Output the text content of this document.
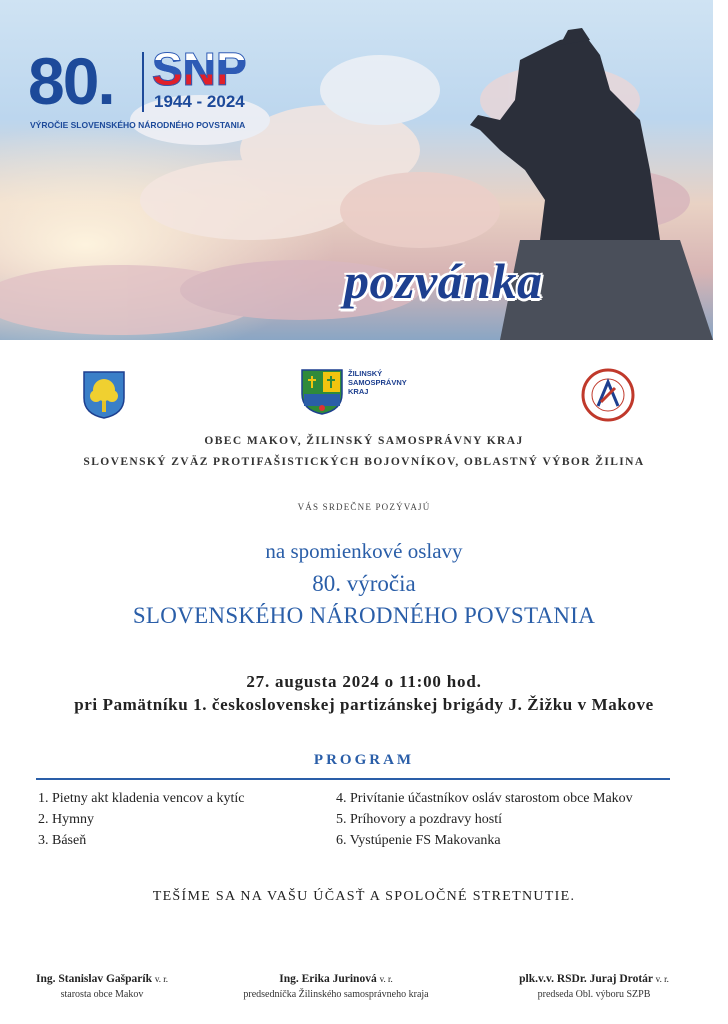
80. SNP
1944 - 2024
VÝROČIE SLOVENSKÉHO NÁRODNÉHO POVSTANIA
pozvánka
ŽILINSKÝ
SAMOSPRÁVNY
KRAJ
OBEC MAKOV, ŽILINSKÝ SAMOSPRÁVNY KRAJ
SLOVENSKÝ ZVÄZ PROTIFAŠISTICKÝCH BOJOVNÍKOV, OBLASTNÝ VÝBOR ŽILINA
VÁS SRDEČNE POZÝVAJÚ
na spomienkové oslavy
80. výročia
SLOVENSKÉHO NÁRODNÉHO POVSTANIA
27. augusta 2024 o 11:00 hod.
pri Pamätníku 1. československej partizánskej brigády J. Žižku v Makove
PROGRAM
1. Pietny akt kladenia vencov a kytíc
2. Hymny
3. Báseň
4. Privítanie účastníkov osláv starostom obce Makov
5. Príhovory a pozdravy hostí
6. Vystúpenie FS Makovanka
TEŠÍME SA NA VAŠU ÚČASŤ A SPOLOČNÉ STRETNUTIE.
Ing. Stanislav Gašparík v. r.
starosta obce Makov
Ing. Erika Jurinová v. r.
predsedníčka Žilinského samosprávneho kraja
plk.v.v. RSDr. Juraj Drotár v. r.
predseda Obl. výboru SZPB
